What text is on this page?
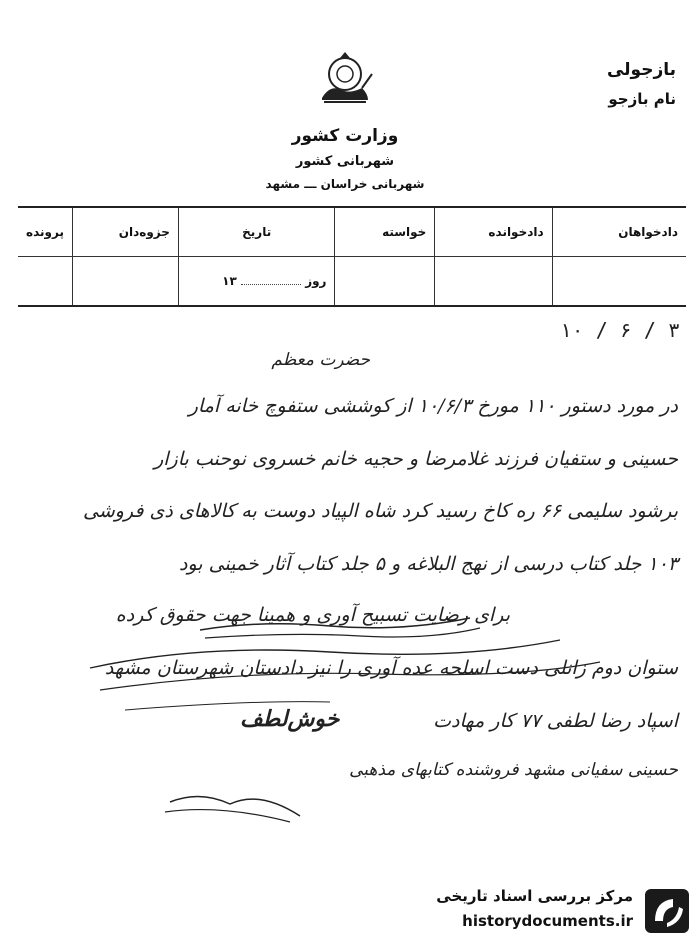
بازجولی
نام بازجو
وزارت کشور
شهربانی کشور
شهربانی خراسان ـــ مشهد
دادخواهان	دادخوانده	خواسته	تاریخ	جزوه‌دان	پرونده
			روز  ۱۳		
۱۰ / ۶ / ۳
حضرت معظم
در مورد دستور ۱۱۰ مورخ ۱۰/۶/۳ از کوششی ستفوچ خانه آمار
حسینی و ستفیان فرزند غلامرضا و حجیه خانم خسروی نوحنب بازار
برشود سلیمی ۶۶ ره کاخ رسید کرد شاه الپیاد دوست به کالاهای ذی فروشی
۱۰۳ جلد کتاب درسی از نهج البلاغه و ۵ جلد کتاب آثار خمینی بود
برای رضایت تسبیح آوری و همینا جهت حقوق کرده
ستوان دوم زانلی دست اسلحه عده آوری را نیز دادستان شهرستان مشهد
اسپاد رضا لطفی ۷۷ کار مهادت
حسینی سفیانی مشهد فروشنده کتابهای مذهبی
خوش‌لطف
مرکز بررسی اسناد تاریخی
historydocuments.ir
